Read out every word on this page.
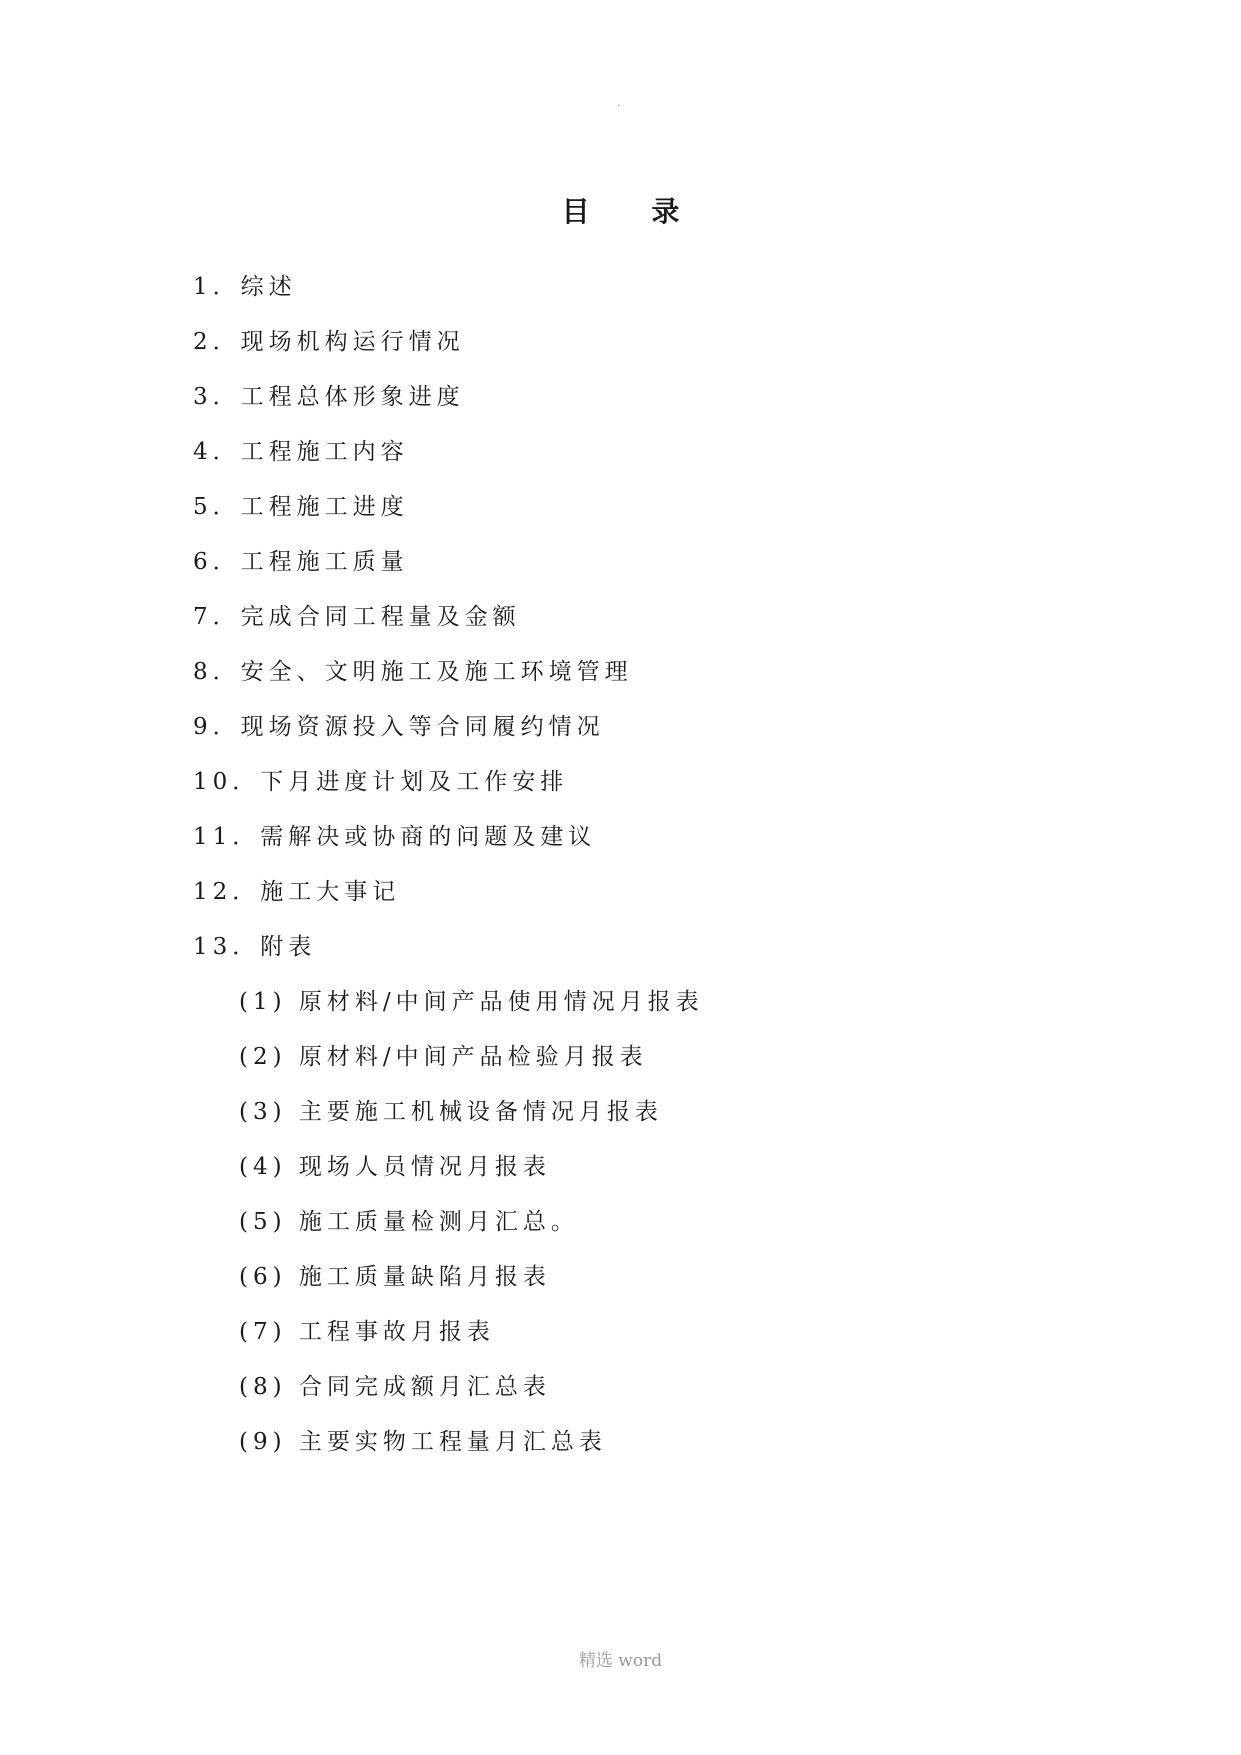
.
目 录
1．综述
2．现场机构运行情况
3．工程总体形象进度
4．工程施工内容
5．工程施工进度
6．工程施工质量
7．完成合同工程量及金额
8．安全、文明施工及施工环境管理
9．现场资源投入等合同履约情况
10．下月进度计划及工作安排
11．需解决或协商的问题及建议
12．施工大事记
13．附表
(1) 原材料/中间产品使用情况月报表
(2) 原材料/中间产品检验月报表
(3) 主要施工机械设备情况月报表
(4) 现场人员情况月报表
(5) 施工质量检测月汇总。
(6) 施工质量缺陷月报表
(7) 工程事故月报表
(8) 合同完成额月汇总表
(9) 主要实物工程量月汇总表
精选 word
